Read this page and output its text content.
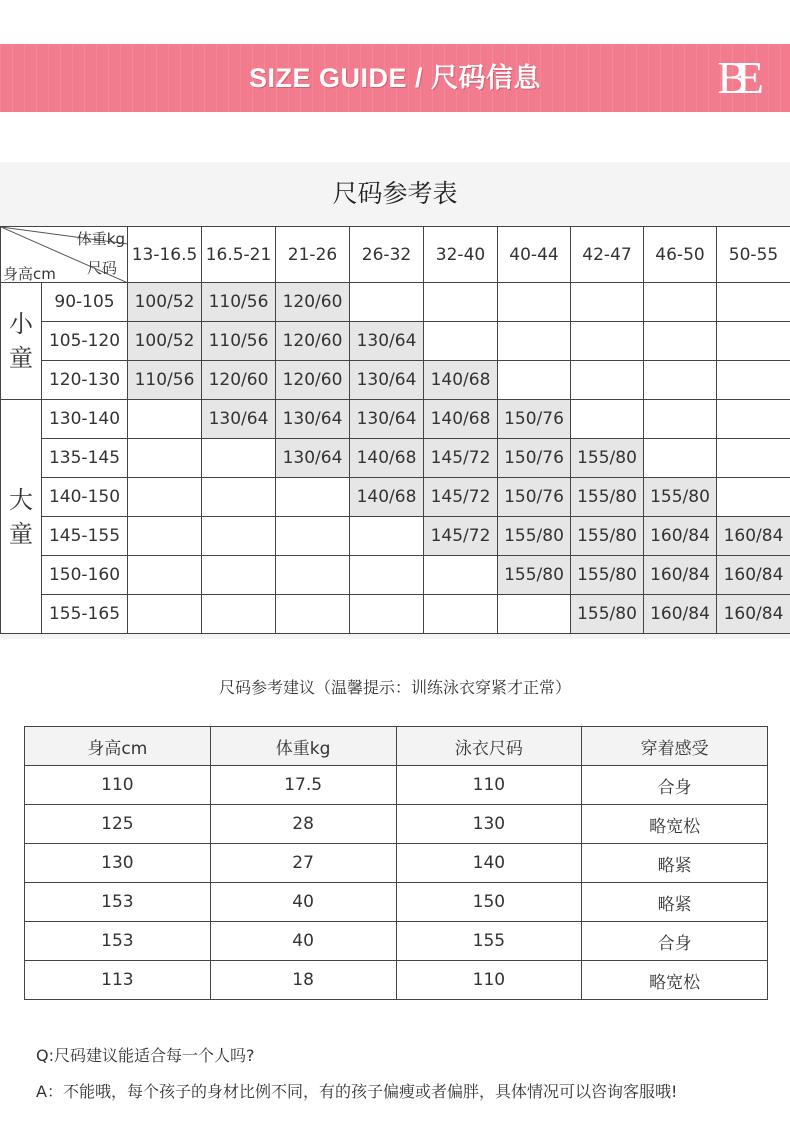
SIZE GUIDE / 尺码信息	BE
尺码参考表
体重kg
尺码
身高cm		13-16.5	16.5-21	21-26	26-32	32-40	40-44	42-47	46-50	50-55

小
童	90-105	100/52	110/56	120/60						
	105-120	100/52	110/56	120/60	130/64					
	120-130	110/56	120/60	120/60	130/64	140/68				

大
童	130-140		130/64	130/64	130/64	140/68	150/76			
	135-145			130/64	140/68	145/72	150/76	155/80		
	140-150				140/68	145/72	150/76	155/80	155/80	
	145-155					145/72	155/80	155/80	160/84	160/84
	150-160						155/80	155/80	160/84	160/84
	155-165							155/80	160/84	160/84
尺码参考建议（温馨提示：训练泳衣穿紧才正常）
身高cm	体重kg	泳衣尺码	穿着感受
110	17.5	110	合身
125	28	130	略宽松
130	27	140	略紧
153	40	150	略紧
153	40	155	合身
113	18	110	略宽松
Q:尺码建议能适合每一个人吗?
A：不能哦，每个孩子的身材比例不同，有的孩子偏瘦或者偏胖，具体情况可以咨询客服哦!
